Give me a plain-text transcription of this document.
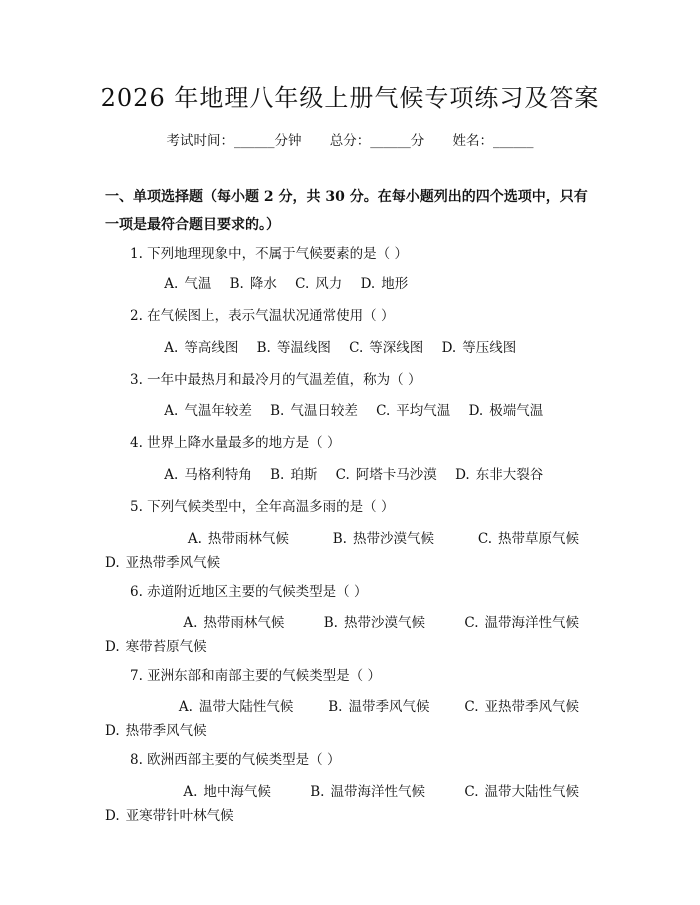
2026 年地理八年级上册气候专项练习及答案
考试时间：______分钟 总分：______分 姓名：______
一、单项选择题（每小题 2 分，共 30 分。在每小题列出的四个选项中，只有一项是最符合题目要求的。）
1. 下列地理现象中，不属于气候要素的是（ ）
A. 气温 B. 降水 C. 风力 D. 地形
2. 在气候图上，表示气温状况通常使用（ ）
A. 等高线图 B. 等温线图 C. 等深线图 D. 等压线图
3. 一年中最热月和最冷月的气温差值，称为（ ）
A. 气温年较差 B. 气温日较差 C. 平均气温 D. 极端气温
4. 世界上降水量最多的地方是（ ）
A. 马格利特角 B. 珀斯 C. 阿塔卡马沙漠 D. 东非大裂谷
5. 下列气候类型中，全年高温多雨的是（ ）
A. 热带雨林气候	B. 热带沙漠气候	C. 热带草原气候 D. 亚热带季风气候
6. 赤道附近地区主要的气候类型是（ ）
A. 热带雨林气候	B. 热带沙漠气候	C. 温带海洋性气候 D. 寒带苔原气候
7. 亚洲东部和南部主要的气候类型是（ ）
A. 温带大陆性气候	B. 温带季风气候	C. 亚热带季风气候 D. 热带季风气候
8. 欧洲西部主要的气候类型是（ ）
A. 地中海气候	B. 温带海洋性气候	C. 温带大陆性气候 D. 亚寒带针叶林气候
